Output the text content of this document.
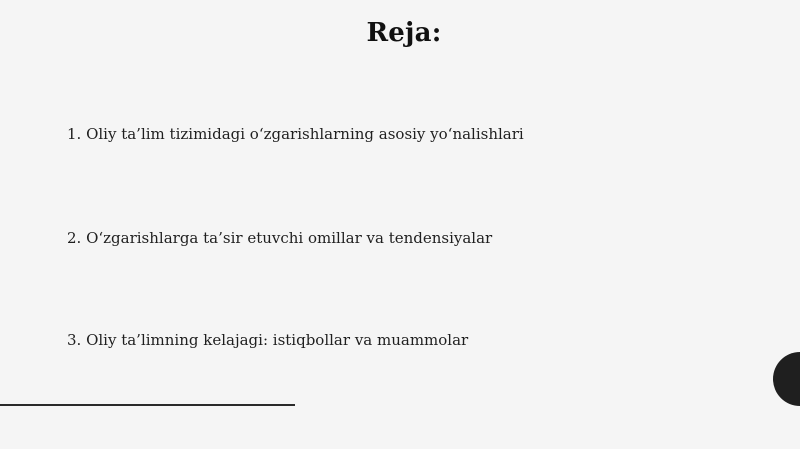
Reja:
1. Oliy ta’lim tizimidagi o‘zgarishlarning asosiy yo‘nalishlari
2. O‘zgarishlarga ta’sir etuvchi omillar va tendensiyalar
3. Oliy ta’limning kelajagi: istiqbollar va muammolar
